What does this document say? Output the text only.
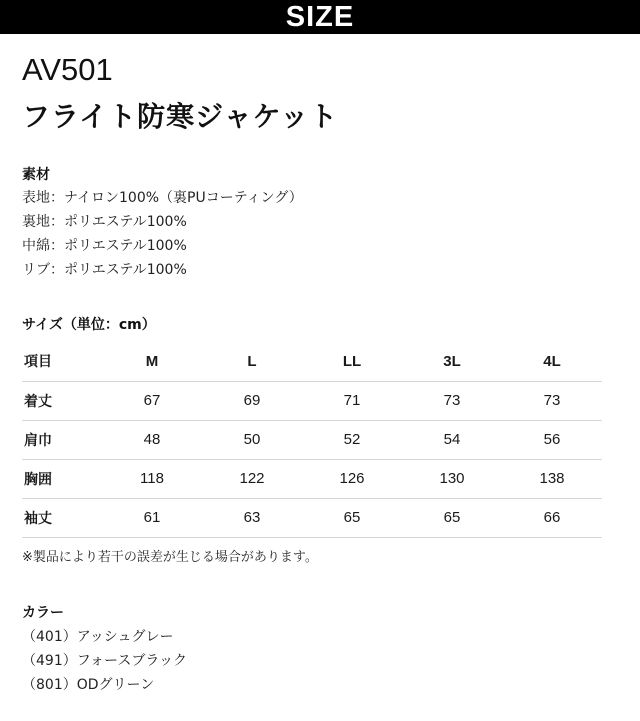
SIZE
AV501
フライト防寒ジャケット
素材
表地：ナイロン100%（裏PUコーティング）
裏地：ポリエステル100%
中綿：ポリエステル100%
リブ：ポリエステル100%
サイズ（単位：cm）
項目	M	L	LL	3L	4L
着丈	67	69	71	73	73
肩巾	48	50	52	54	56
胸囲	118	122	126	130	138
袖丈	61	63	65	65	66
※製品により若干の誤差が生じる場合があります。
カラー
（401）アッシュグレー
（491）フォースブラック
（801）ODグリーン
